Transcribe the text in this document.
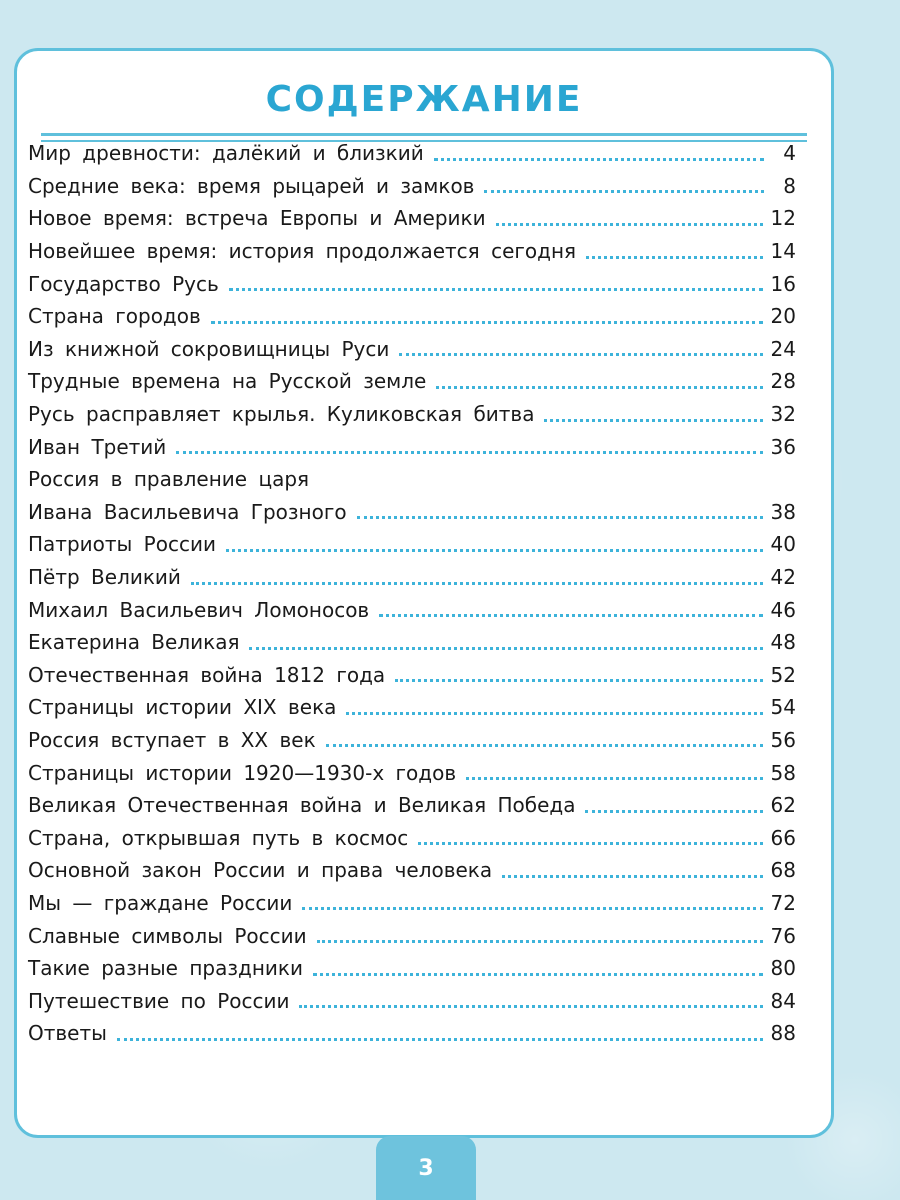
СОДЕРЖАНИЕ
Мир древности: далёкий и близкий	4
Средние века: время рыцарей и замков	8
Новое время: встреча Европы и Америки	12
Новейшее время: история продолжается сегодня	14
Государство Русь	16
Страна городов	20
Из книжной сокровищницы Руси	24
Трудные времена на Русской земле	28
Русь расправляет крылья. Куликовская битва	32
Иван Третий	36
Россия в правление царя
Ивана Васильевича Грозного	38
Патриоты России	40
Пётр Великий	42
Михаил Васильевич Ломоносов	46
Екатерина Великая	48
Отечественная война 1812 года	52
Страницы истории XIX века	54
Россия вступает в XX век	56
Страницы истории 1920—1930-х годов	58
Великая Отечественная война и Великая Победа	62
Страна, открывшая путь в космос	66
Основной закон России и права человека	68
Мы — граждане России	72
Славные символы России	76
Такие разные праздники	80
Путешествие по России	84
Ответы	88
3
